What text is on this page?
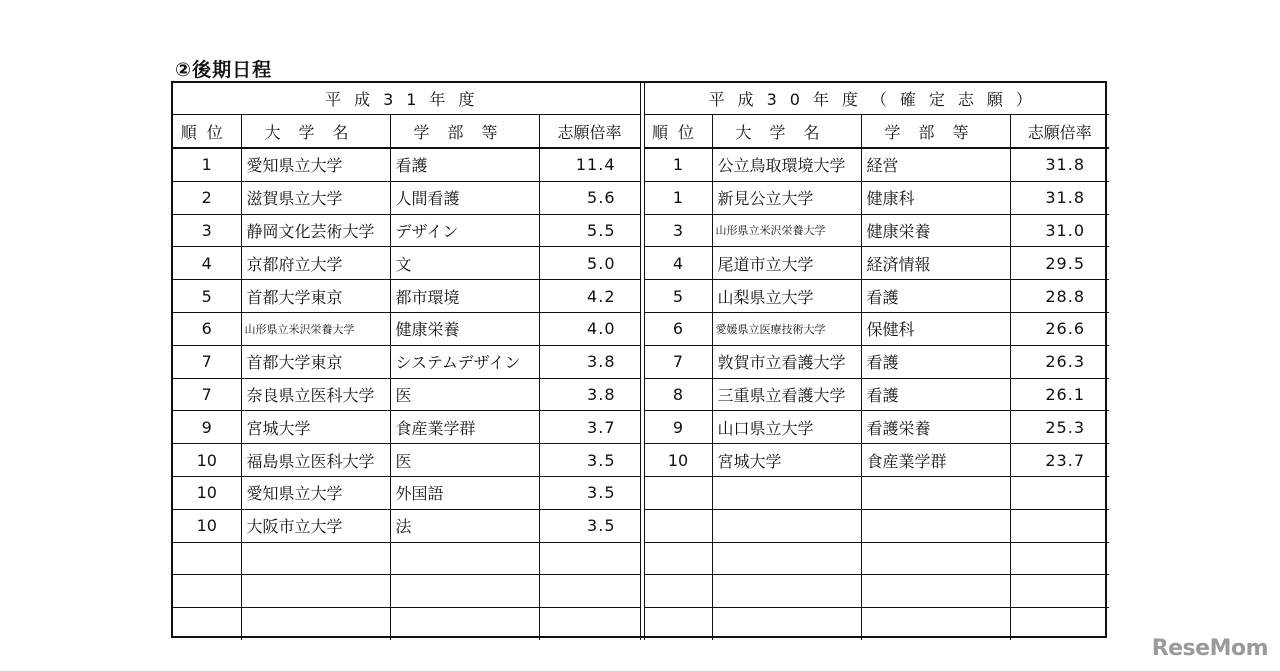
②後期日程
平成31年度			
順位	大学名	学部等	志願倍率
1	愛知県立大学	看護	11.4
2	滋賀県立大学	人間看護	5.6
3	静岡文化芸術大学	デザイン	5.5
4	京都府立大学	文	5.0
5	首都大学東京	都市環境	4.2
6	山形県立米沢栄養大学	健康栄養	4.0
7	首都大学東京	システムデザイン	3.8
7	奈良県立医科大学	医	3.8
9	宮城大学	食産業学群	3.7
10	福島県立医科大学	医	3.5
10	愛知県立大学	外国語	3.5
10	大阪市立大学	法	3.5

平成30年度（確定志願）			
順位	大学名	学部等	志願倍率
1	公立鳥取環境大学	経営	31.8
1	新見公立大学	健康科	31.8
3	山形県立米沢栄養大学	健康栄養	31.0
4	尾道市立大学	経済情報	29.5
5	山梨県立大学	看護	28.8
6	愛媛県立医療技術大学	保健科	26.6
7	敦賀市立看護大学	看護	26.3
8	三重県立看護大学	看護	26.1
9	山口県立大学	看護栄養	25.3
10	宮城大学	食産業学群	23.7

ReseMom
